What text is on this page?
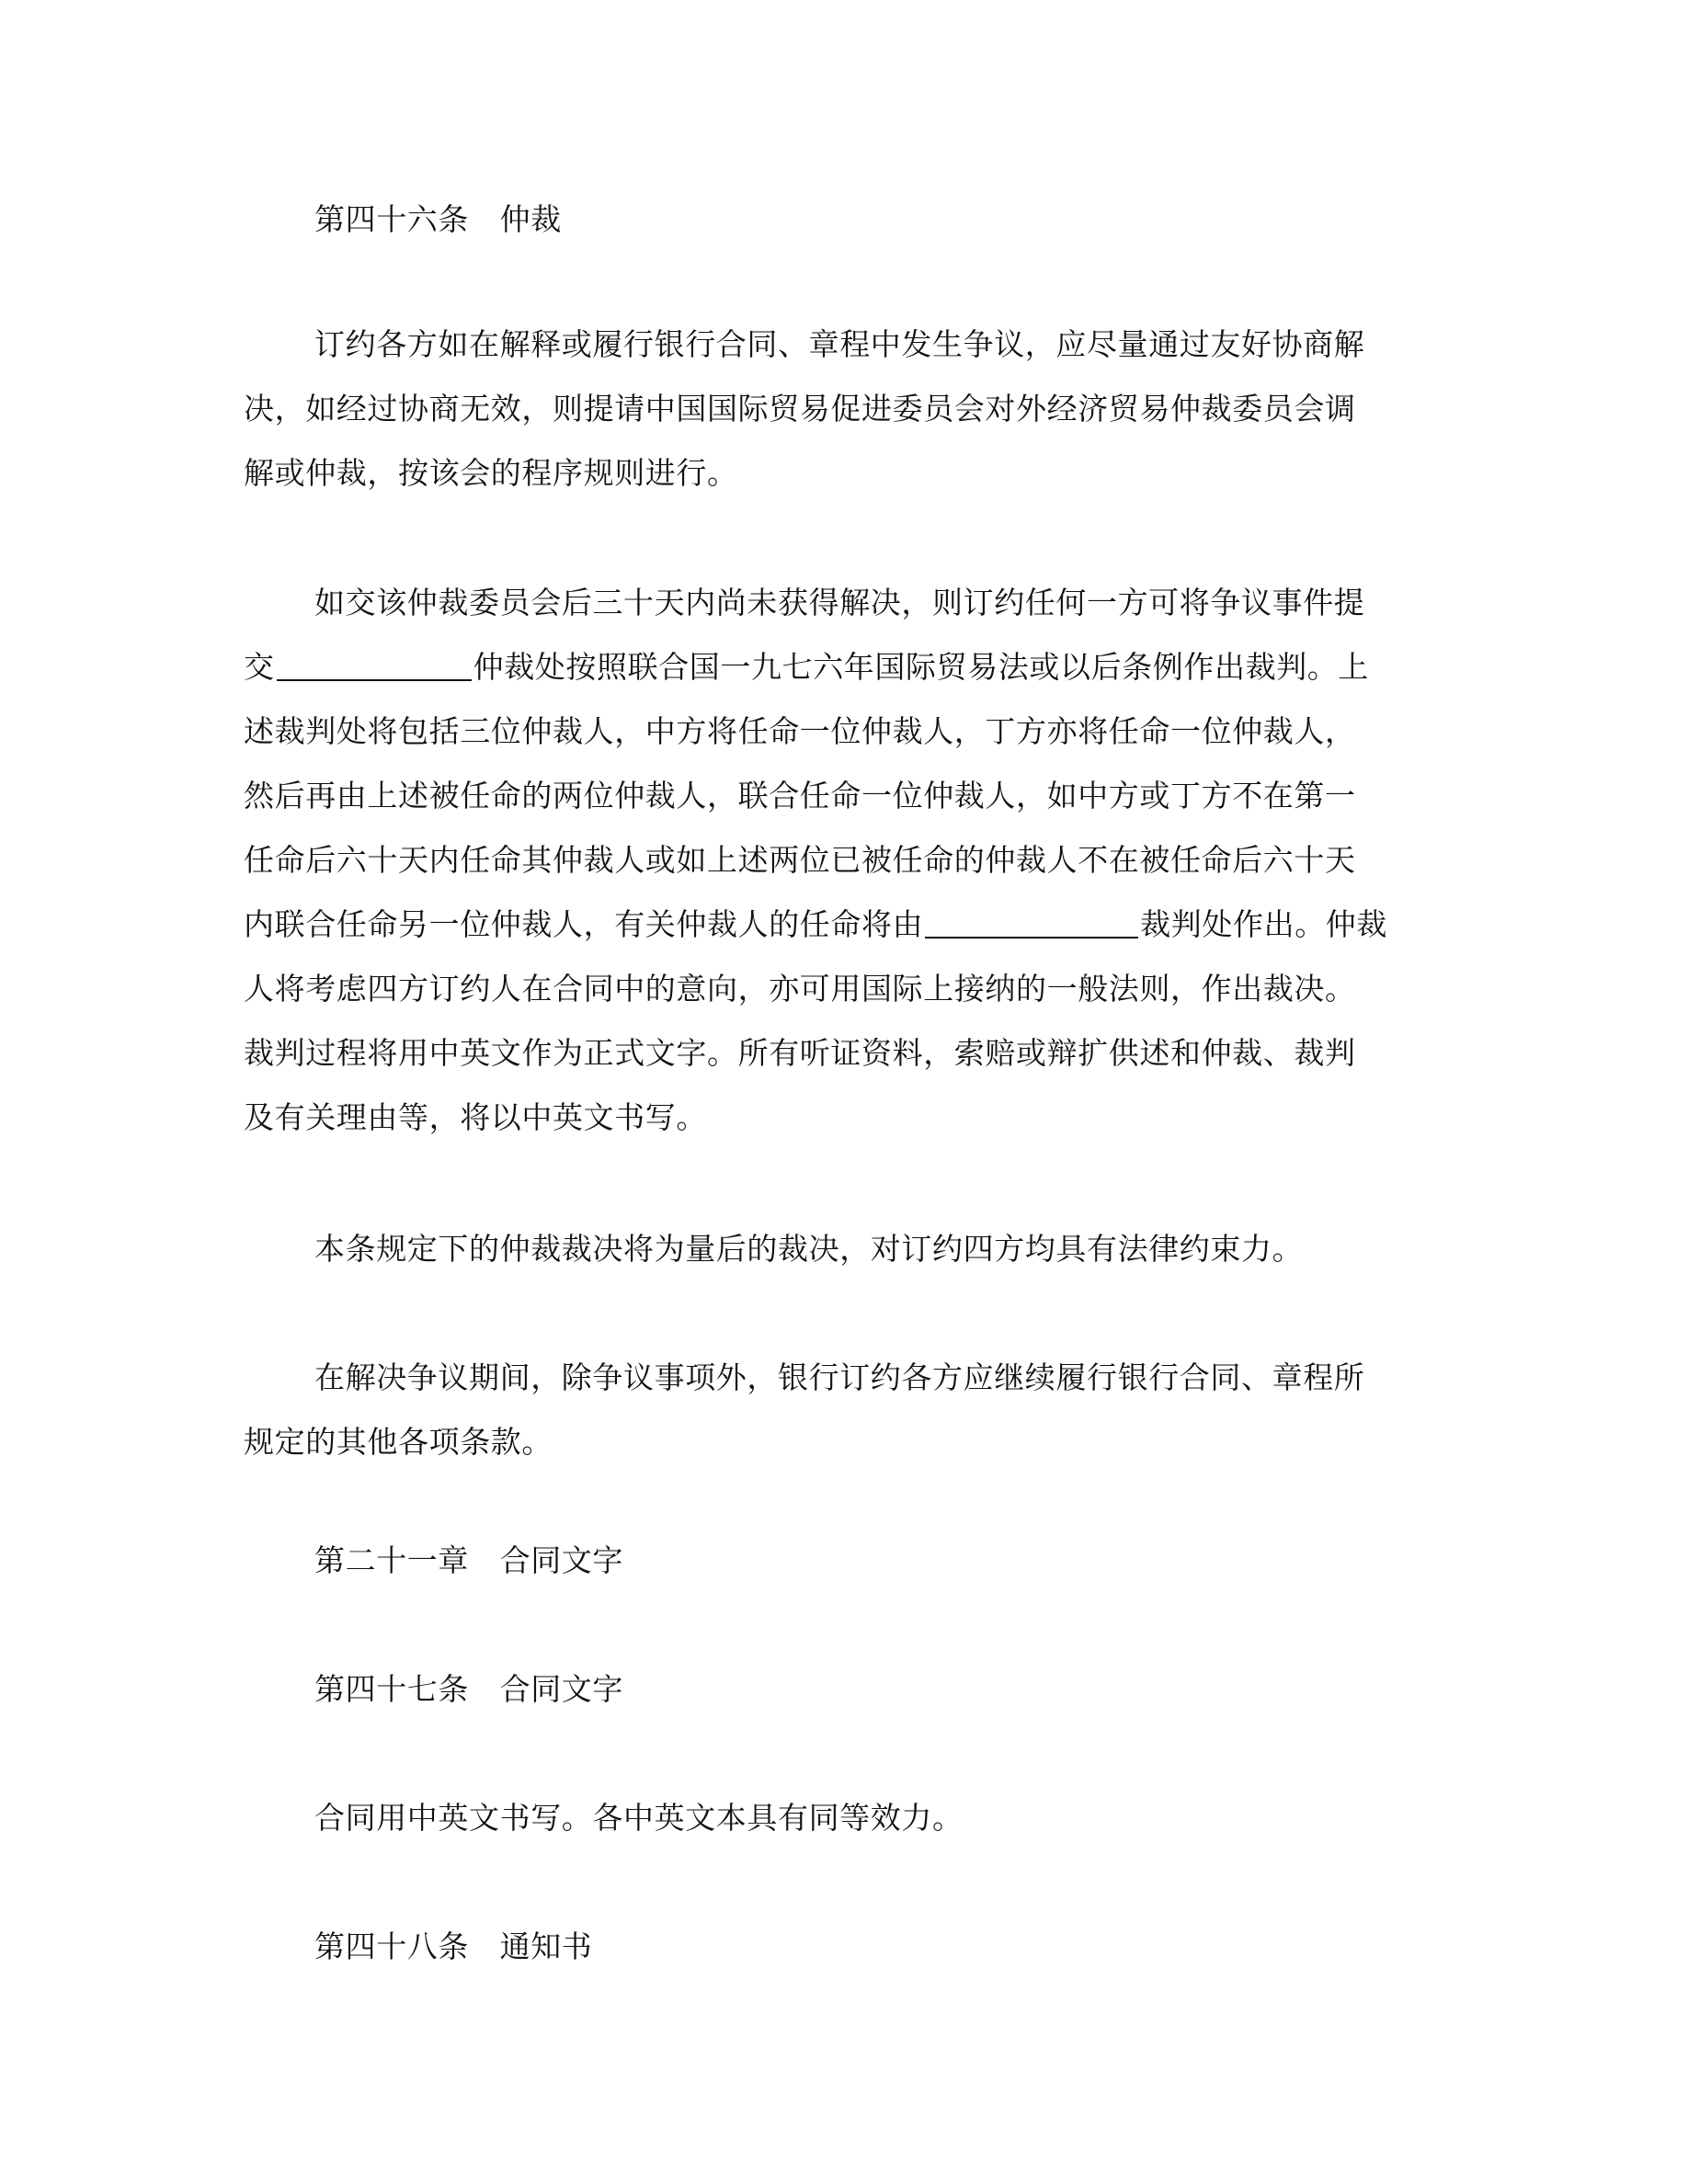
第四十六条　仲裁
订约各方如在解释或履行银行合同、章程中发生争议，应尽量通过友好协商解
决，如经过协商无效，则提请中国国际贸易促进委员会对外经济贸易仲裁委员会调
解或仲裁，按该会的程序规则进行。
如交该仲裁委员会后三十天内尚未获得解决，则订约任何一方可将争议事件提
交	仲裁处按照联合国一九七六年国际贸易法或以后条例作出裁判。上
述裁判处将包括三位仲裁人，中方将任命一位仲裁人，丁方亦将任命一位仲裁人，
然后再由上述被任命的两位仲裁人，联合任命一位仲裁人，如中方或丁方不在第一
任命后六十天内任命其仲裁人或如上述两位已被任命的仲裁人不在被任命后六十天
内联合任命另一位仲裁人，有关仲裁人的任命将由	裁判处作出。仲裁
人将考虑四方订约人在合同中的意向，亦可用国际上接纳的一般法则，作出裁决。
裁判过程将用中英文作为正式文字。所有听证资料，索赔或辩扩供述和仲裁、裁判
及有关理由等，将以中英文书写。
本条规定下的仲裁裁决将为量后的裁决，对订约四方均具有法律约束力。
在解决争议期间，除争议事项外，银行订约各方应继续履行银行合同、章程所
规定的其他各项条款。
第二十一章　合同文字
第四十七条　合同文字
合同用中英文书写。各中英文本具有同等效力。
第四十八条　通知书
